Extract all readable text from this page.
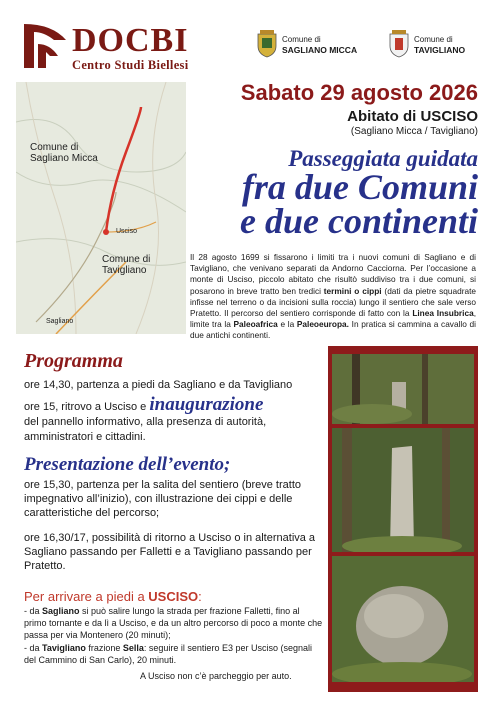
DOCBI
Centro Studi Biellesi
Comune di
SAGLIANO MICCA
Comune di
TAVIGLIANO
Comune di Sagliano Micca
Comune di Tavigliano
Usciso
Sagliano
Sabato 29 agosto 2026
Abitato di USCISO
(Sagliano Micca / Tavigliano)
Passeggiata guidata
fra due Comuni
e due continenti
Il 28 agosto 1699 si fissarono i limiti tra i nuovi comuni di Sagliano e di Tavigliano, che venivano separati da Andorno Cacciorna. Per l’occasione a monte di Usciso, piccolo abitato che risultò suddiviso tra i due comuni, si posarono in breve tratto ben tredici termini o cippi (dati da pietre squadrate infisse nel terreno o da incisioni sulla roccia) lungo il sentiero che sale verso Pratetto. Il percorso del sentiero corrisponde di fatto con la Linea Insubrica, limite tra la Paleoafrica e la Paleoeuropa. In pratica si cammina a cavallo di due antichi continenti.
Programma
ore 14,30, partenza a piedi da Sagliano e da Tavigliano
ore 15, ritrovo a Usciso e inaugurazione
del pannello informativo, alla presenza di autorità, amministratori e cittadini.
Presentazione dell’evento;
ore 15,30, partenza per la salita del sentiero (breve tratto impegnativo all’inizio), con illustrazione dei cippi e delle caratteristiche del percorso;
ore 16,30/17, possibilità di ritorno a Usciso o in alternativa a Sagliano passando per Falletti e a Tavigliano passando per Pratetto.
Per arrivare a piedi a USCISO:
- da Sagliano si può salire lungo la strada per frazione Falletti, fino al primo tornante e da lì a Usciso, e da un altro percorso di poco a monte che passa per via Montenero (20 minuti);
- da Tavigliano frazione Sella: seguire il sentiero E3 per Usciso (segnali del Cammino di San Carlo), 20 minuti.
A Usciso non c’è parcheggio per auto.
